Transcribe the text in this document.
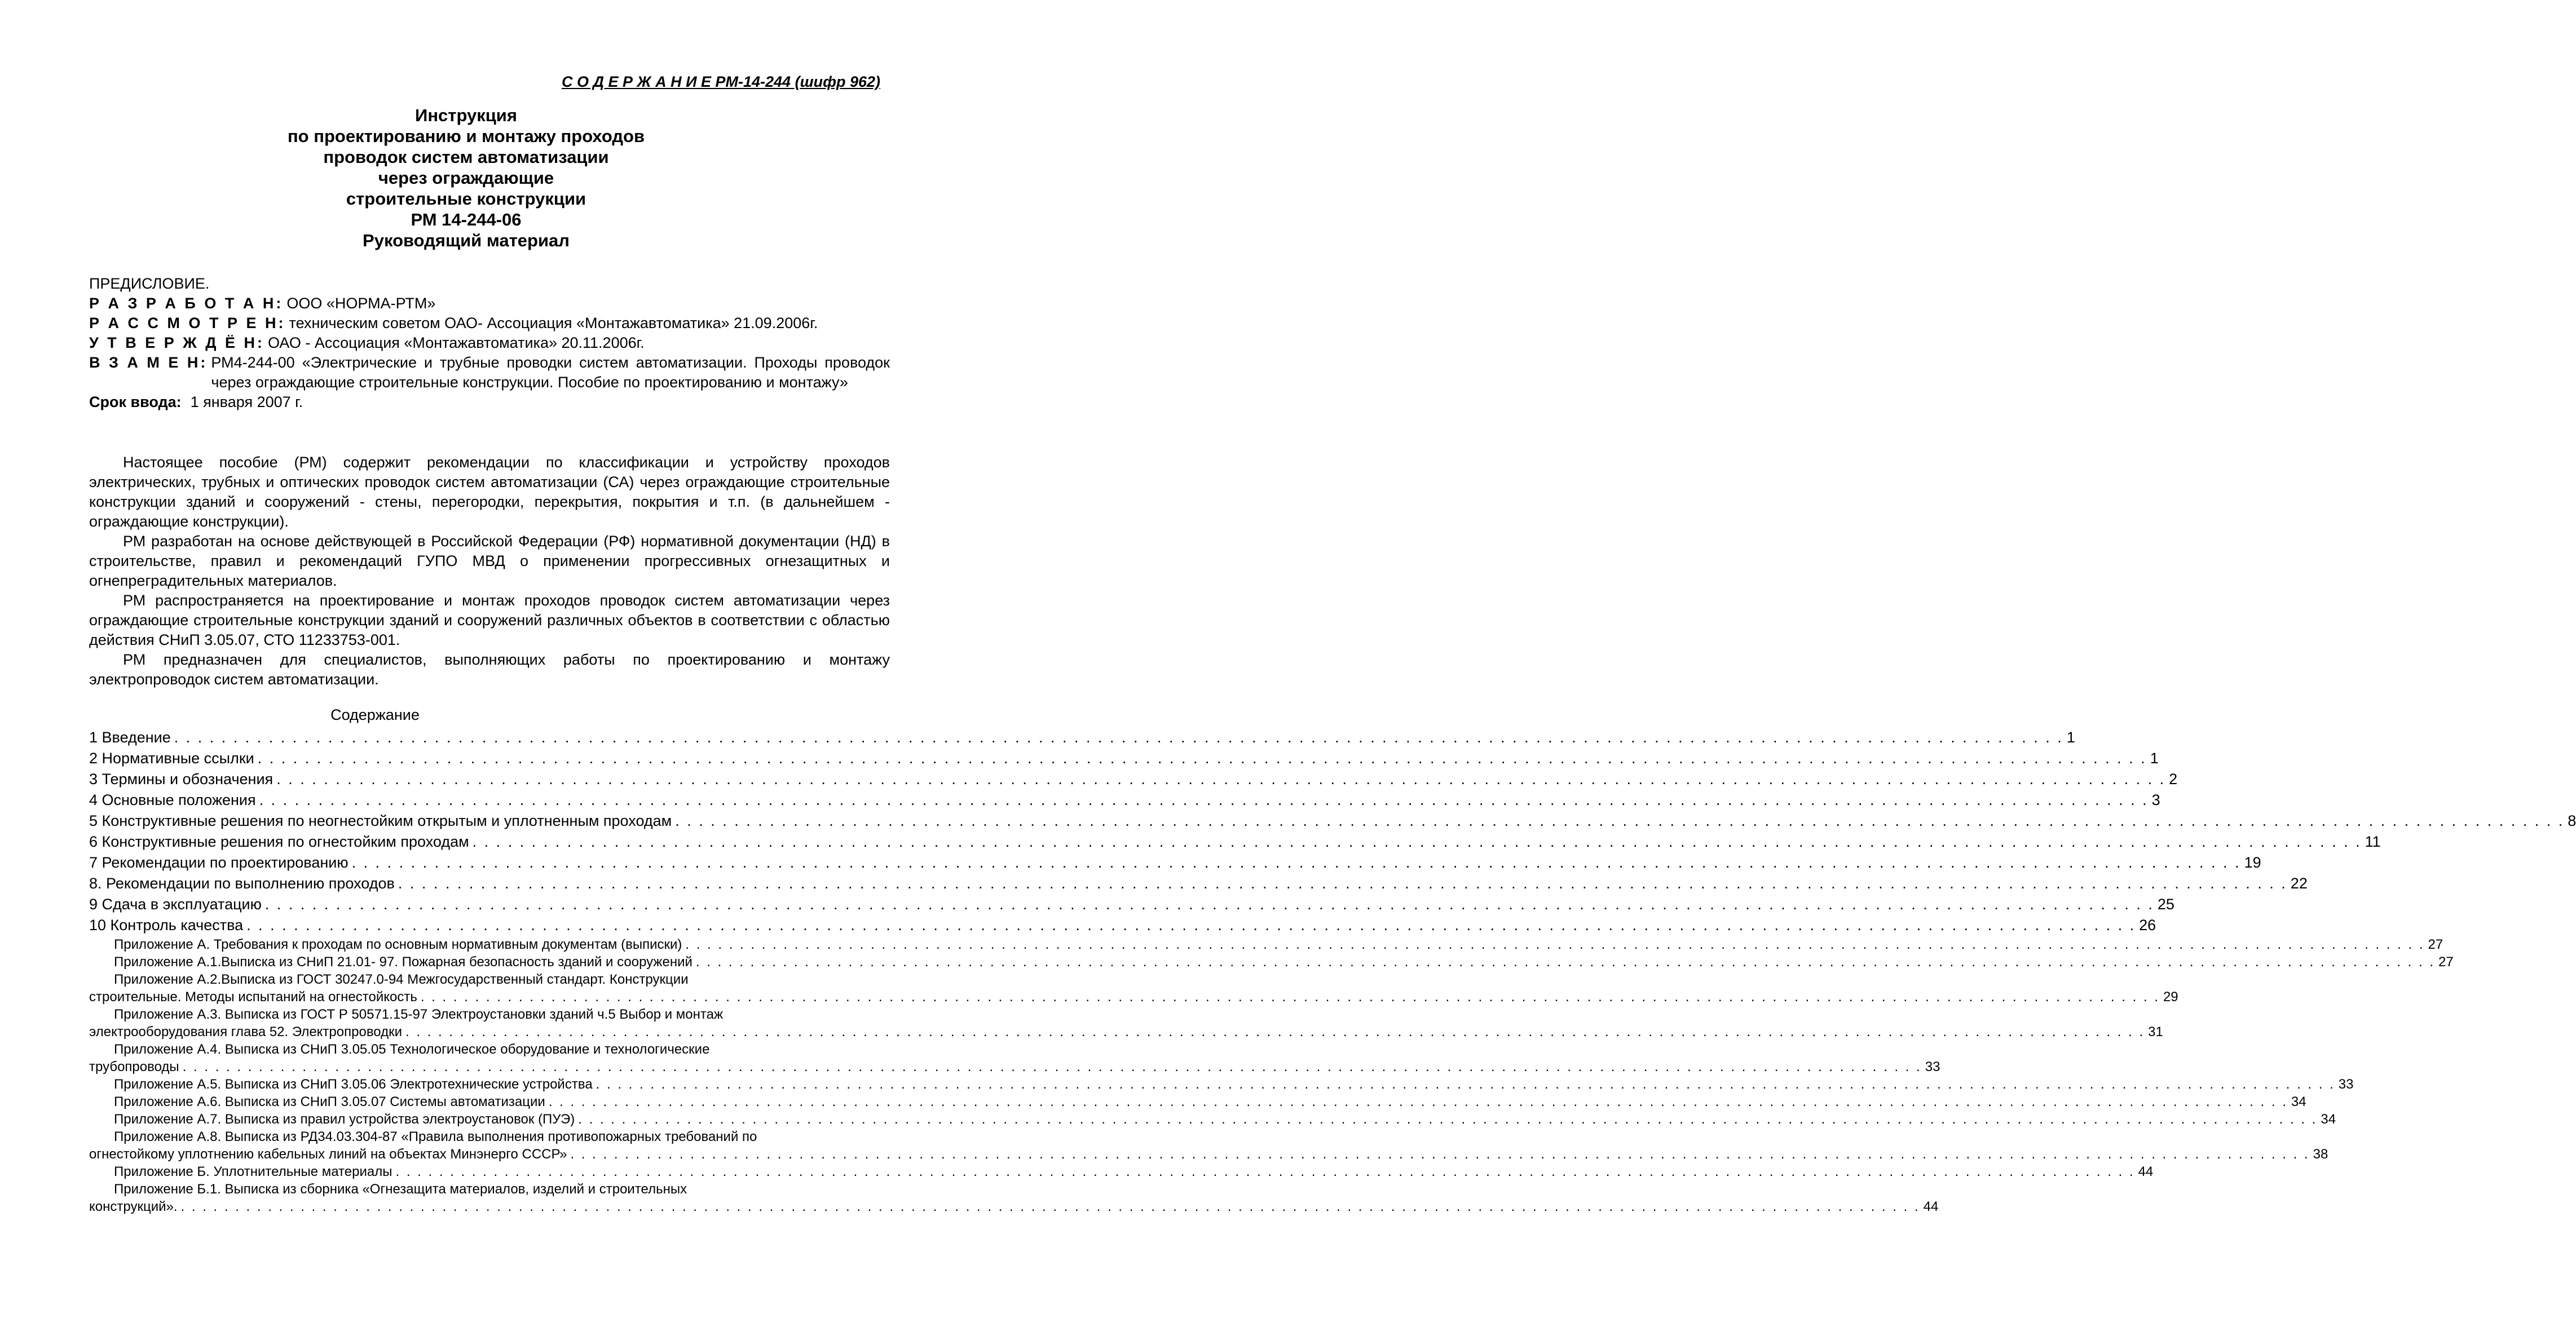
С О Д Е Р Ж А Н И Е РМ-14-244 (шифр 962)
Инструкция
по проектированию и монтажу проходов
проводок систем автоматизации
через ограждающие
строительные конструкции
РМ 14-244-06
Руководящий материал
ПРЕДИСЛОВИЕ.
Р А З Р А Б О Т А Н: ООО «НОРМА-РТМ»
Р А С С М О Т Р Е Н: техническим советом ОАО- Ассоциация «Монтажавтоматика» 21.09.2006г.
У Т В Е Р Ж Д Ё Н: ОАО - Ассоциация «Монтажавтоматика» 20.11.2006г.
В З А М Е Н: РМ4-244-00 «Электрические и трубные проводки систем автоматизации. Проходы проводок через ограждающие строительные конструкции. Пособие по проектированию и монтажу»
Срок ввода: 1 января 2007 г.

Настоящее пособие (РМ) содержит рекомендации по классификации и устройству проходов электрических, трубных и оптических проводок систем автоматизации (СА) через ограждающие строительные конструкции зданий и сооружений - стены, перегородки, перекрытия, покрытия и т.п. (в дальнейшем - ограждающие конструкции).

РМ разработан на основе действующей в Российской Федерации (РФ) нормативной документации (НД) в строительстве, правил и рекомендаций ГУПО МВД о применении прогрессивных огнезащитных и огнепреградительных материалов.

РМ распространяется на проектирование и монтаж проходов проводок систем автоматизации через ограждающие строительные конструкции зданий и сооружений различных объектов в соответствии с областью действия СНиП 3.05.07, СТО 11233753-001.

РМ предназначен для специалистов, выполняющих работы по проектированию и монтажу электропроводок систем автоматизации.

Содержание
1 Введение . . . . . . . . . . . . . . . . . . . . . . . . . . . . . . . . . . . . . . . . . . . . . . . . . . . . . . . . . . . . . . . . . . . . . . . . . . . . . . . . . . . . . . . . . . . . . . . . . . . . . . . . . . . . . . . . . . . . . . . . . . . . . . . . . . . . . . . . . . . . . . . . . . . . . . . . . . . . . . . . 1
2 Нормативные ссылки . . . . . . . . . . . . . . . . . . . . . . . . . . . . . . . . . . . . . . . . . . . . . . . . . . . . . . . . . . . . . . . . . . . . . . . . . . . . . . . . . . . . . . . . . . . . . . . . . . . . . . . . . . . . . . . . . . . . . . . . . . . . . . . . . . . . . . . . . . . . . . . . . . . . . . . . . . . . . . . . 1
3 Термины и обозначения . . . . . . . . . . . . . . . . . . . . . . . . . . . . . . . . . . . . . . . . . . . . . . . . . . . . . . . . . . . . . . . . . . . . . . . . . . . . . . . . . . . . . . . . . . . . . . . . . . . . . . . . . . . . . . . . . . . . . . . . . . . . . . . . . . . . . . . . . . . . . . . . . . . . . . . . . . . . . . . . 2
4 Основные положения . . . . . . . . . . . . . . . . . . . . . . . . . . . . . . . . . . . . . . . . . . . . . . . . . . . . . . . . . . . . . . . . . . . . . . . . . . . . . . . . . . . . . . . . . . . . . . . . . . . . . . . . . . . . . . . . . . . . . . . . . . . . . . . . . . . . . . . . . . . . . . . . . . . . . . . . . . . . . . . . 3
5 Конструктивные решения по неогнестойким открытым и уплотненным проходам . . . . . . . . . . . . . . . . . . . . . . . . . . . . . . . . . . . . . . . . . . . . . . . . . . . . . . . . . . . . . . . . . . . . . . . . . . . . . . . . . . . . . . . . . . . . . . . . . . . . . . . . . . . . . . . . . . . . . . . . . . . . . . . . . . . . . . . . . . . . . . . . . . . . . . . . . . . . . . . . 8
6 Конструктивные решения по огнестойким проходам . . . . . . . . . . . . . . . . . . . . . . . . . . . . . . . . . . . . . . . . . . . . . . . . . . . . . . . . . . . . . . . . . . . . . . . . . . . . . . . . . . . . . . . . . . . . . . . . . . . . . . . . . . . . . . . . . . . . . . . . . . . . . . . . . . . . . . . . . . . . . . . . . . . . . . . . . . . . . . . . 11
7 Рекомендации по проектированию . . . . . . . . . . . . . . . . . . . . . . . . . . . . . . . . . . . . . . . . . . . . . . . . . . . . . . . . . . . . . . . . . . . . . . . . . . . . . . . . . . . . . . . . . . . . . . . . . . . . . . . . . . . . . . . . . . . . . . . . . . . . . . . . . . . . . . . . . . . . . . . . . . . . . . . . . . . . . . . . 19
8. Рекомендации по выполнению проходов . . . . . . . . . . . . . . . . . . . . . . . . . . . . . . . . . . . . . . . . . . . . . . . . . . . . . . . . . . . . . . . . . . . . . . . . . . . . . . . . . . . . . . . . . . . . . . . . . . . . . . . . . . . . . . . . . . . . . . . . . . . . . . . . . . . . . . . . . . . . . . . . . . . . . . . . . . . . . . . . 22
9 Сдача в эксплуатацию . . . . . . . . . . . . . . . . . . . . . . . . . . . . . . . . . . . . . . . . . . . . . . . . . . . . . . . . . . . . . . . . . . . . . . . . . . . . . . . . . . . . . . . . . . . . . . . . . . . . . . . . . . . . . . . . . . . . . . . . . . . . . . . . . . . . . . . . . . . . . . . . . . . . . . . . . . . . . . . . 25
10 Контроль качества . . . . . . . . . . . . . . . . . . . . . . . . . . . . . . . . . . . . . . . . . . . . . . . . . . . . . . . . . . . . . . . . . . . . . . . . . . . . . . . . . . . . . . . . . . . . . . . . . . . . . . . . . . . . . . . . . . . . . . . . . . . . . . . . . . . . . . . . . . . . . . . . . . . . . . . . . . . . . . . . 26
Приложение А. Требования к проходам по основным нормативным документам (выписки) . . . . . . . . . . . . . . . . . . . . . . . . . . . . . . . . . . . . . . . . . . . . . . . . . . . . . . . . . . . . . . . . . . . . . . . . . . . . . . . . . . . . . . . . . . . . . . . . . . . . . . . . . . . . . . . . . . . . . . . . . . . . . . . . . . . . . . . . . . . . . . . . . . . . . . . . . . . . . . . . 27
Приложение А.1.Выписка из СНиП 21.01- 97. Пожарная безопасность зданий и сооружений . . . . . . . . . . . . . . . . . . . . . . . . . . . . . . . . . . . . . . . . . . . . . . . . . . . . . . . . . . . . . . . . . . . . . . . . . . . . . . . . . . . . . . . . . . . . . . . . . . . . . . . . . . . . . . . . . . . . . . . . . . . . . . . . . . . . . . . . . . . . . . . . . . . . . . . . . . . . . . . . 27
Приложение А.2.Выписка из ГОСТ 30247.0-94 Межгосударственный стандарт. Конструкции
строительные. Методы испытаний на огнестойкость . . . . . . . . . . . . . . . . . . . . . . . . . . . . . . . . . . . . . . . . . . . . . . . . . . . . . . . . . . . . . . . . . . . . . . . . . . . . . . . . . . . . . . . . . . . . . . . . . . . . . . . . . . . . . . . . . . . . . . . . . . . . . . . . . . . . . . . . . . . . . . . . . . . . . . . . . . . . . . . . 29
Приложение А.3. Выписка из ГОСТ Р 50571.15-97 Электроустановки зданий ч.5 Выбор и монтаж
электрооборудования глава 52. Электропроводки . . . . . . . . . . . . . . . . . . . . . . . . . . . . . . . . . . . . . . . . . . . . . . . . . . . . . . . . . . . . . . . . . . . . . . . . . . . . . . . . . . . . . . . . . . . . . . . . . . . . . . . . . . . . . . . . . . . . . . . . . . . . . . . . . . . . . . . . . . . . . . . . . . . . . . . . . . . . . . . . 31
Приложение А.4. Выписка из СНиП 3.05.05 Технологическое оборудование и технологические
трубопроводы . . . . . . . . . . . . . . . . . . . . . . . . . . . . . . . . . . . . . . . . . . . . . . . . . . . . . . . . . . . . . . . . . . . . . . . . . . . . . . . . . . . . . . . . . . . . . . . . . . . . . . . . . . . . . . . . . . . . . . . . . . . . . . . . . . . . . . . . . . . . . . . . . . . . . . . . . . . . . . . . 33
Приложение А.5. Выписка из СНиП 3.05.06 Электротехнические устройства . . . . . . . . . . . . . . . . . . . . . . . . . . . . . . . . . . . . . . . . . . . . . . . . . . . . . . . . . . . . . . . . . . . . . . . . . . . . . . . . . . . . . . . . . . . . . . . . . . . . . . . . . . . . . . . . . . . . . . . . . . . . . . . . . . . . . . . . . . . . . . . . . . . . . . . . . . . . . . . . 33
Приложение А.6. Выписка из СНиП 3.05.07 Системы автоматизации . . . . . . . . . . . . . . . . . . . . . . . . . . . . . . . . . . . . . . . . . . . . . . . . . . . . . . . . . . . . . . . . . . . . . . . . . . . . . . . . . . . . . . . . . . . . . . . . . . . . . . . . . . . . . . . . . . . . . . . . . . . . . . . . . . . . . . . . . . . . . . . . . . . . . . . . . . . . . . . . 34
Приложение А.7. Выписка из правил устройства электроустановок (ПУЭ) . . . . . . . . . . . . . . . . . . . . . . . . . . . . . . . . . . . . . . . . . . . . . . . . . . . . . . . . . . . . . . . . . . . . . . . . . . . . . . . . . . . . . . . . . . . . . . . . . . . . . . . . . . . . . . . . . . . . . . . . . . . . . . . . . . . . . . . . . . . . . . . . . . . . . . . . . . . . . . . . 34
Приложение А.8. Выписка из РД34.03.304-87 «Правила выполнения противопожарных требований по
огнестойкому уплотнению кабельных линий на объектах Минэнерго СССР» . . . . . . . . . . . . . . . . . . . . . . . . . . . . . . . . . . . . . . . . . . . . . . . . . . . . . . . . . . . . . . . . . . . . . . . . . . . . . . . . . . . . . . . . . . . . . . . . . . . . . . . . . . . . . . . . . . . . . . . . . . . . . . . . . . . . . . . . . . . . . . . . . . . . . . . . . . . . . . . . 38
Приложение Б. Уплотнительные материалы . . . . . . . . . . . . . . . . . . . . . . . . . . . . . . . . . . . . . . . . . . . . . . . . . . . . . . . . . . . . . . . . . . . . . . . . . . . . . . . . . . . . . . . . . . . . . . . . . . . . . . . . . . . . . . . . . . . . . . . . . . . . . . . . . . . . . . . . . . . . . . . . . . . . . . . . . . . . . . . . 44
Приложение Б.1. Выписка из сборника «Огнезащита материалов, изделий и строительных
конструкций». . . . . . . . . . . . . . . . . . . . . . . . . . . . . . . . . . . . . . . . . . . . . . . . . . . . . . . . . . . . . . . . . . . . . . . . . . . . . . . . . . . . . . . . . . . . . . . . . . . . . . . . . . . . . . . . . . . . . . . . . . . . . . . . . . . . . . . . . . . . . . . . . . . . . . . . . . . . . . . . . 44
